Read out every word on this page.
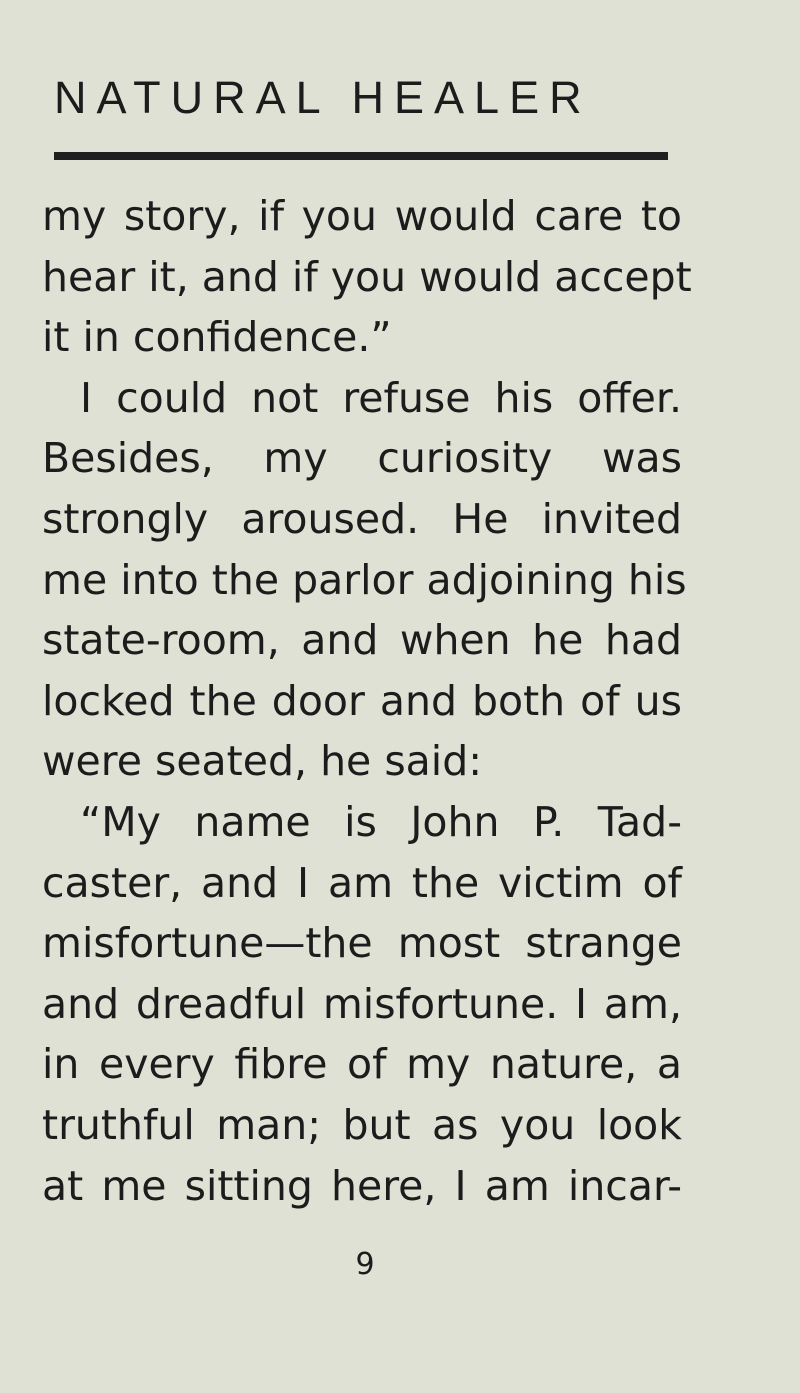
NATURAL HEALER
my story, if you would care to
hear it, and if you would accept
it in confidence.”
I could not refuse his offer.
Besides, my curiosity was
strongly aroused. He invited
me into the parlor adjoining his
state-room, and when he had
locked the door and both of us
were seated, he said:
“My name is John P. Tad-
caster, and I am the victim of
misfortune—the most strange
and dreadful misfortune. I am,
in every fibre of my nature, a
truthful man; but as you look
at me sitting here, I am incar-
9
